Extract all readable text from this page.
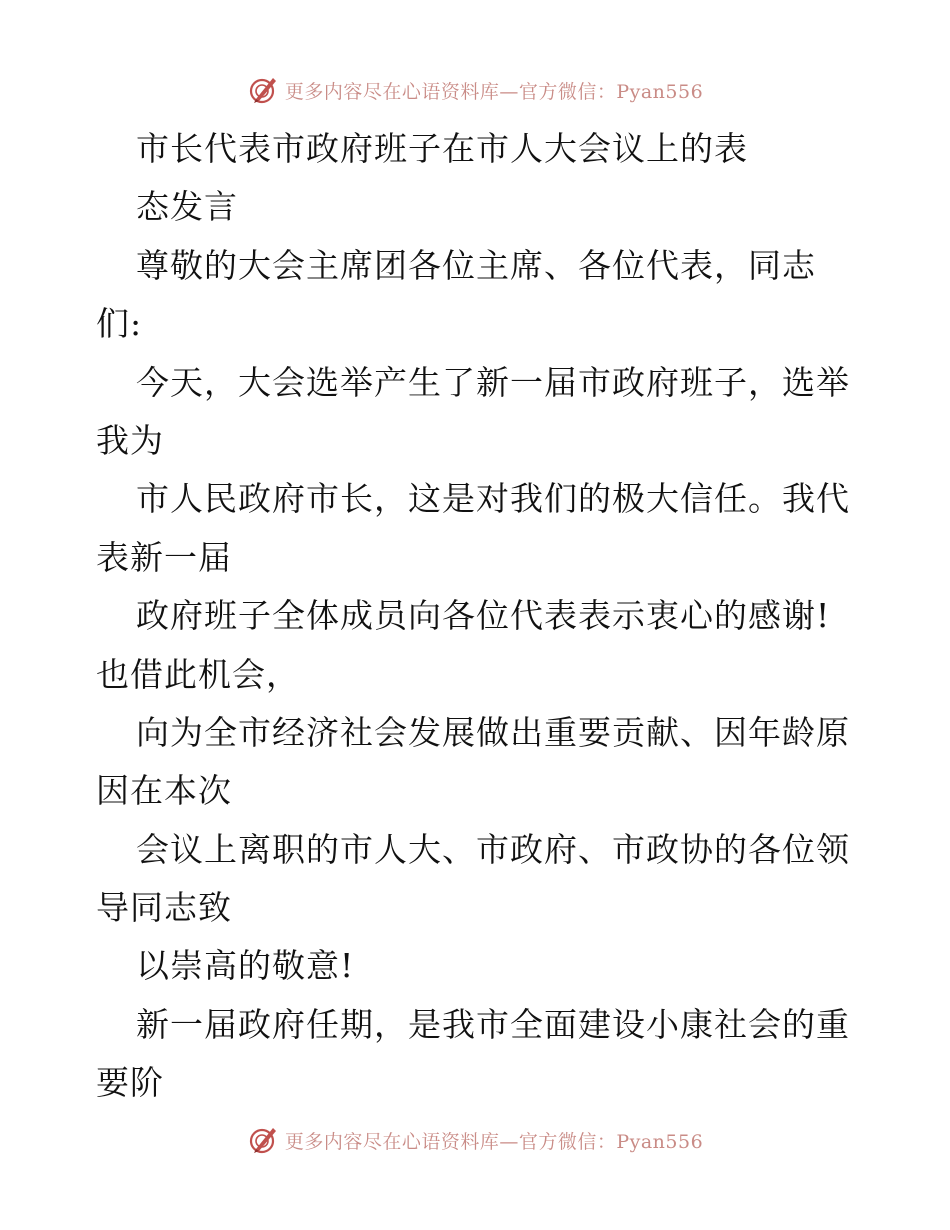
更多内容尽在心语资料库—官方微信：Pyan556
市长代表市政府班子在市人大会议上的表
态发言
尊敬的大会主席团各位主席、各位代表，同志
们:
今天，大会选举产生了新一届市政府班子，选举
我为
市人民政府市长，这是对我们的极大信任。我代
表新一届
政府班子全体成员向各位代表表示衷心的感谢!
也借此机会，
向为全市经济社会发展做出重要贡献、因年龄原
因在本次
会议上离职的市人大、市政府、市政协的各位领
导同志致
以崇高的敬意!
新一届政府任期，是我市全面建设小康社会的重
要阶
更多内容尽在心语资料库—官方微信：Pyan556
